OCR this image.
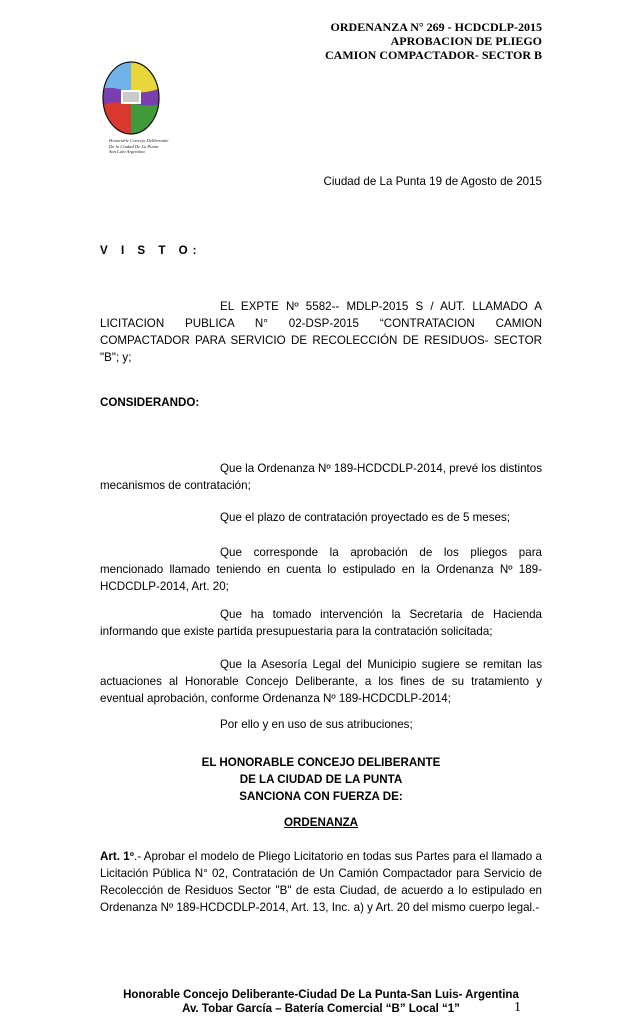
ORDENANZA N° 269 - HCDCDLP-2015
APROBACION DE PLIEGO
CAMION COMPACTADOR- SECTOR B
Honorable Concejo Deliberante
De la Ciudad De La Punta
San Luis-Argentina
Ciudad de La Punta 19 de Agosto de 2015
V I S T O:
EL EXPTE Nº 5582-- MDLP-2015 S / AUT. LLAMADO A LICITACION PUBLICA N° 02-DSP-2015 “CONTRATACION CAMION COMPACTADOR PARA SERVICIO DE RECOLECCIÓN DE RESIDUOS- SECTOR "B"; y;
CONSIDERANDO:
Que la Ordenanza Nº 189-HCDCDLP-2014, prevé los distintos mecanismos de contratación;
Que el plazo de contratación proyectado es de 5 meses;
Que corresponde la aprobación de los pliegos para mencionado llamado teniendo en cuenta lo estipulado en la Ordenanza Nº 189-HCDCDLP-2014, Art. 20;
Que ha tomado intervención la Secretaria de Hacienda informando que existe partida presupuestaria para la contratación solicitada;
Que la Asesoría Legal del Municipio sugiere se remitan las actuaciones al Honorable Concejo Deliberante, a los fines de su tratamiento y eventual aprobación, conforme Ordenanza Nº 189-HCDCDLP-2014;
Por ello y en uso de sus atribuciones;
EL HONORABLE CONCEJO DELIBERANTE
DE LA CIUDAD DE LA PUNTA
SANCIONA CON FUERZA DE:
ORDENANZA
Art. 1º.- Aprobar el modelo de Pliego Licitatorio en todas sus Partes para el llamado a Licitación Pública N° 02, Contratación de Un Camión Compactador para Servicio de Recolección de Residuos Sector "B" de esta Ciudad, de acuerdo a lo estipulado en Ordenanza Nº 189-HCDCDLP-2014, Art. 13, Inc. a) y Art. 20 del mismo cuerpo legal.-
Honorable Concejo Deliberante-Ciudad De La Punta-San Luis- Argentina
Av. Tobar García – Batería Comercial “B” Local “1”	1
